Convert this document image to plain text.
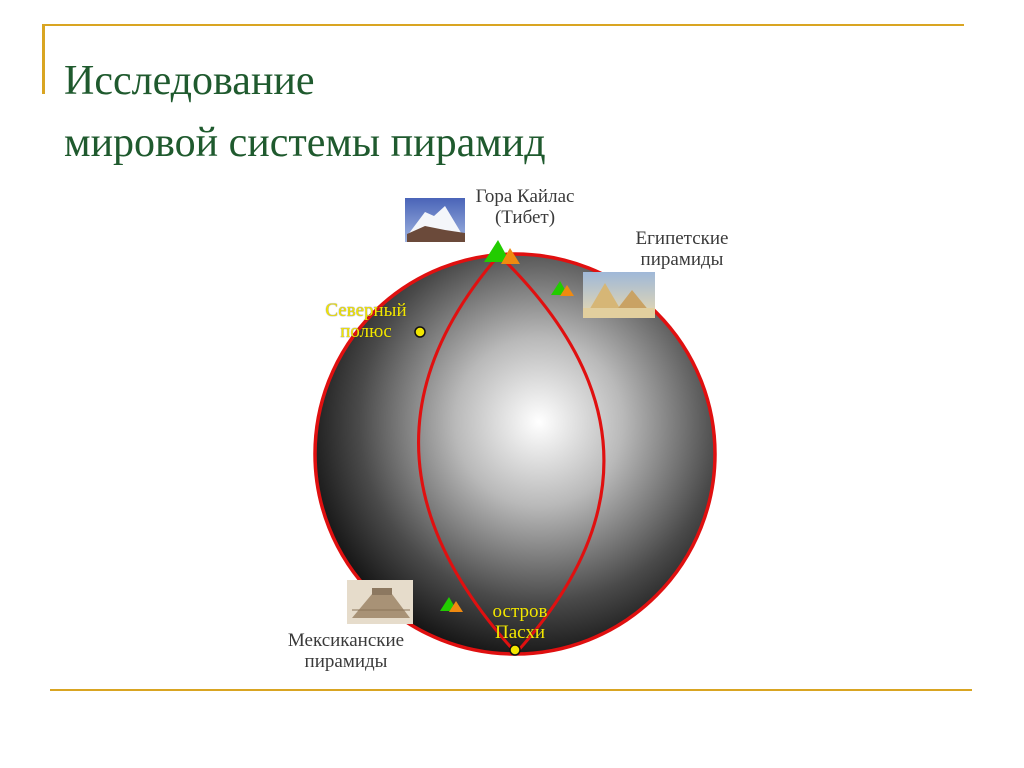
Исследование
мировой системы пирамид
Гора Кайлас
(Тибет)
Египетские
пирамиды
Северный
полюс
остров
Пасхи
Мексиканские
пирамиды
